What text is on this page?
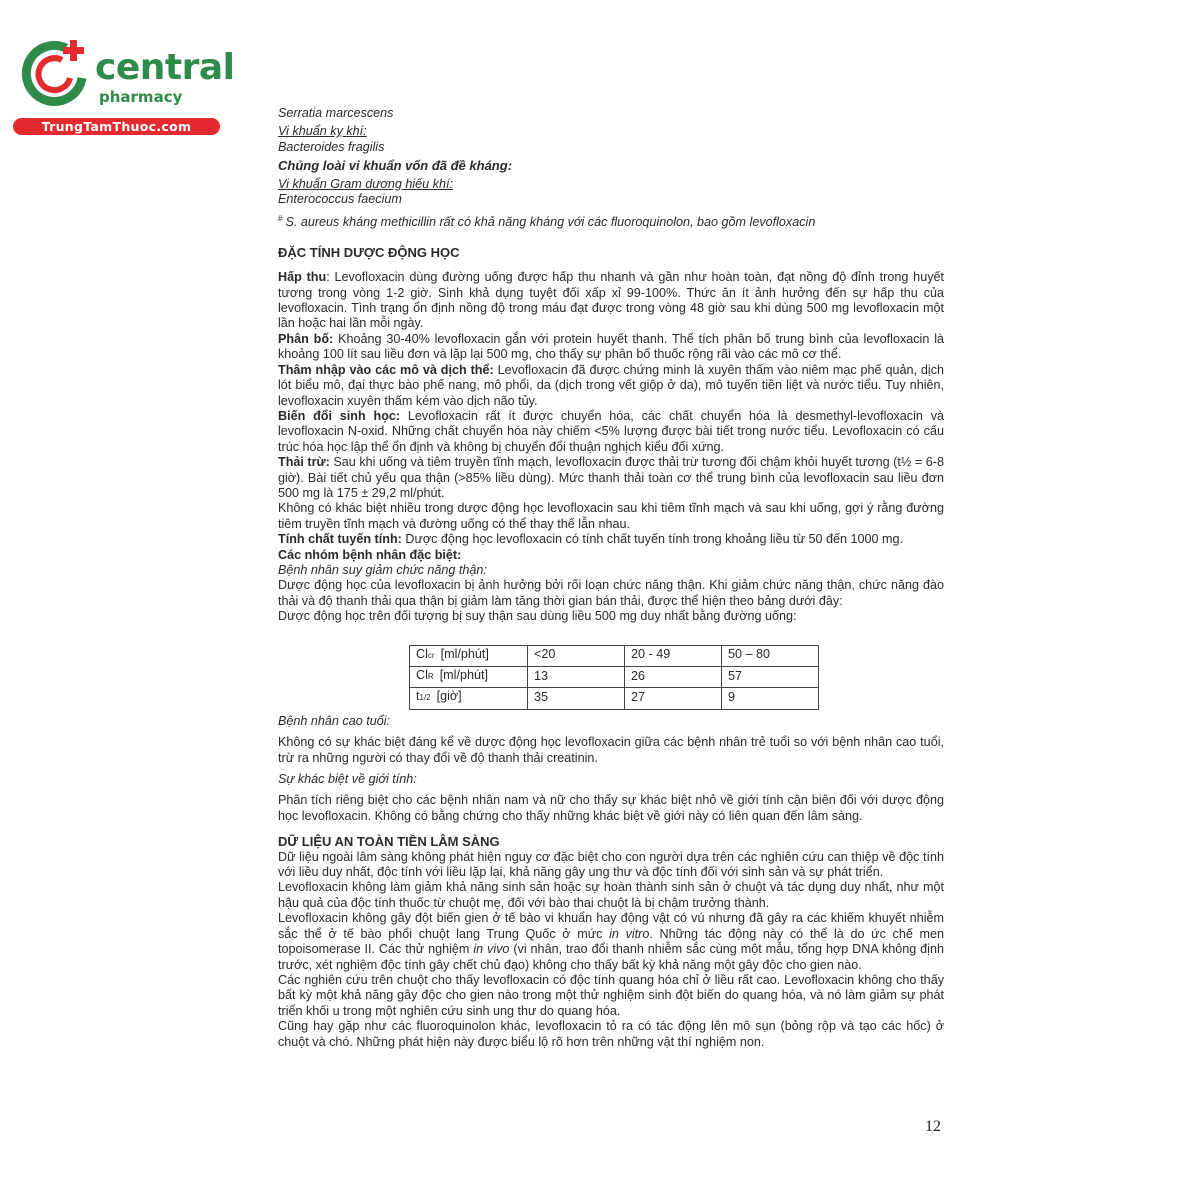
central
pharmacy
TrungTamThuoc.com

Serratia marcescens

Vi khuẩn kỵ khí:

Bacteroides fragilis

Chủng loài vi khuẩn vốn đã đề kháng:

Vi khuẩn Gram dương hiếu khí:

Enterococcus faecium

# S. aureus kháng methicillin rất có khả năng kháng với các fluoroquinolon, bao gồm levofloxacin

ĐẶC TÍNH DƯỢC ĐỘNG HỌC

Hấp thu: Levofloxacin dùng đường uống được hấp thu nhanh và gần như hoàn toàn, đạt nồng độ đỉnh trong huyết tương trong vòng 1-2 giờ. Sinh khả dụng tuyệt đối xấp xỉ 99-100%. Thức ăn ít ảnh hưởng đến sự hấp thu của levofloxacin. Tình trạng ổn định nồng độ trong máu đạt được trong vòng 48 giờ sau khi dùng 500 mg levofloxacin một lần hoặc hai lần mỗi ngày.

Phân bố: Khoảng 30-40% levofloxacin gắn với protein huyết thanh. Thể tích phân bố trung bình của levofloxacin là khoảng 100 lít sau liều đơn và lặp lại 500 mg, cho thấy sự phân bố thuốc rộng rãi vào các mô cơ thể.

Thâm nhập vào các mô và dịch thể: Levofloxacin đã được chứng minh là xuyên thấm vào niêm mạc phế quản, dịch lót biểu mô, đại thực bào phế nang, mô phổi, da (dịch trong vết giộp ở da), mô tuyến tiền liệt và nước tiểu. Tuy nhiên, levofloxacin xuyên thấm kém vào dịch não tủy.

Biến đổi sinh học: Levofloxacin rất ít được chuyển hóa, các chất chuyển hóa là desmethyl-levofloxacin và levofloxacin N-oxid. Những chất chuyển hóa này chiếm <5% lượng được bài tiết trong nước tiểu. Levofloxacin có cấu trúc hóa học lập thể ổn định và không bị chuyển đổi thuận nghịch kiểu đối xứng.

Thải trừ: Sau khi uống và tiêm truyền tĩnh mạch, levofloxacin được thải trừ tương đối chậm khỏi huyết tương (t½ = 6-8 giờ). Bài tiết chủ yếu qua thận (>85% liều dùng). Mức thanh thải toàn cơ thể trung bình của levofloxacin sau liều đơn 500 mg là 175 ± 29,2 ml/phút.

Không có khác biệt nhiều trong dược động học levofloxacin sau khi tiêm tĩnh mạch và sau khi uống, gợi ý rằng đường tiêm truyền tĩnh mạch và đường uống có thể thay thế lẫn nhau.

Tính chất tuyến tính: Dược động học levofloxacin có tính chất tuyến tính trong khoảng liều từ 50 đến 1000 mg.

Các nhóm bệnh nhân đặc biệt:

Bệnh nhân suy giảm chức năng thận:

Dược động học của levofloxacin bị ảnh hưởng bởi rối loạn chức năng thận. Khi giảm chức năng thận, chức năng đào thải và độ thanh thải qua thận bị giảm làm tăng thời gian bán thải, được thể hiện theo bảng dưới đây:

Dược động học trên đối tượng bị suy thận sau dùng liều 500 mg duy nhất bằng đường uống:

Clcr [ml/phút]	<20	20 - 49	50 – 80
ClR [ml/phút]	13	26	57
t1/2 [giờ]	35	27	9

Bệnh nhân cao tuổi:

Không có sự khác biệt đáng kể về dược động học levofloxacin giữa các bệnh nhân trẻ tuổi so với bệnh nhân cao tuổi, trừ ra những người có thay đổi về độ thanh thải creatinin.

Sự khác biệt về giới tính:

Phân tích riêng biệt cho các bệnh nhân nam và nữ cho thấy sự khác biệt nhỏ về giới tính cận biên đối với dược động học levofloxacin. Không có bằng chứng cho thấy những khác biệt về giới này có liên quan đến lâm sàng.

DỮ LIỆU AN TOÀN TIỀN LÂM SÀNG

Dữ liệu ngoài lâm sàng không phát hiện nguy cơ đặc biệt cho con người dựa trên các nghiên cứu can thiệp về độc tính với liều duy nhất, độc tính với liều lặp lại, khả năng gây ung thư và độc tính đối với sinh sản và sự phát triển.

Levofloxacin không làm giảm khả năng sinh sản hoặc sự hoàn thành sinh sản ở chuột và tác dụng duy nhất, như một hậu quả của độc tính thuốc từ chuột mẹ, đối với bào thai chuột là bị chậm trưởng thành.

Levofloxacin không gây đột biến gien ở tế bào vi khuẩn hay động vật có vú nhưng đã gây ra các khiếm khuyết nhiễm sắc thể ở tế bào phổi chuột lang Trung Quốc ở mức in vitro. Những tác động này có thể là do ức chế men topoisomerase II. Các thử nghiệm in vivo (vi nhân, trao đổi thanh nhiễm sắc cùng một mẫu, tổng hợp DNA không định trước, xét nghiệm độc tính gây chết chủ đạo) không cho thấy bất kỳ khả năng một gây độc cho gien nào.

Các nghiên cứu trên chuột cho thấy levofloxacin có độc tính quang hóa chỉ ở liều rất cao. Levofloxacin không cho thấy bất kỳ một khả năng gây độc cho gien nào trong một thử nghiệm sinh đột biến do quang hóa, và nó làm giảm sự phát triển khối u trong một nghiên cứu sinh ung thư do quang hóa.

Cũng hay gặp như các fluoroquinolon khác, levofloxacin tỏ ra có tác động lên mô sụn (bỏng rộp và tạo các hốc) ở chuột và chó. Những phát hiện này được biểu lộ rõ hơn trên những vật thí nghiệm non.

12
